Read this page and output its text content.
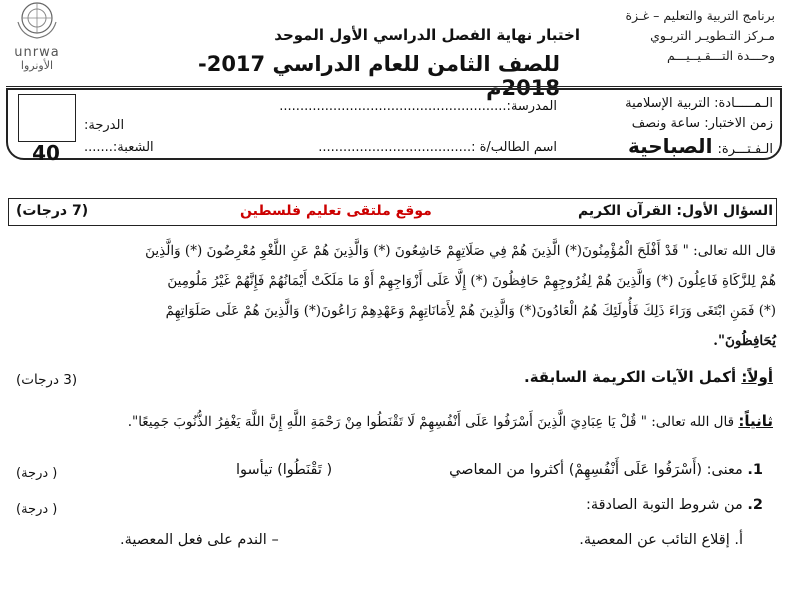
unrwa
الأونروا
اختبار نهاية الفصل الدراسي الأول الموحد
للصف الثامن للعام الدراسي 2017-2018م
برنامج التربية والتعليم – غـزة
مـركز التـطويـر التربـوي
وحـــدة التـــقـيــيـــم
الـمـــــادة: التربية الإسلامية
زمن الاختبار: ساعة ونصف
الـفـتـــرة: الصباحية
المدرسة:.......................................................
اسم الطالب/ة :.....................................
الشعبة:.......
الدرجة:
40
السؤال الأول: القرآن الكريم
موقع ملتقى تعليم فلسطين
(7 درجات)
قال الله تعالى: " قَدْ أَفْلَحَ الْمُؤْمِنُونَ(*) الَّذِينَ هُمْ فِي صَلَاتِهِمْ خَاشِعُونَ (*) وَالَّذِينَ هُمْ عَنِ اللَّغْوِ مُعْرِضُونَ (*) وَالَّذِينَ
هُمْ لِلزَّكَاةِ فَاعِلُونَ (*) وَالَّذِينَ هُمْ لِفُرُوجِهِمْ حَافِظُونَ (*) إِلَّا عَلَى أَزْوَاجِهِمْ أَوْ مَا مَلَكَتْ أَيْمَانُهُمْ فَإِنَّهُمْ غَيْرُ مَلُومِينَ
(*) فَمَنِ ابْتَغَى وَرَاءَ ذَلِكَ فَأُولَئِكَ هُمُ الْعَادُونَ(*) وَالَّذِينَ هُمْ لِأَمَانَاتِهِمْ وَعَهْدِهِمْ رَاعُونَ(*) وَالَّذِينَ هُمْ عَلَى صَلَوَاتِهِمْ
يُحَافِظُونَ".
أولاً: أكمل الآيات الكريمة السابقة.
(3 درجات)
ثانياً: قال الله تعالى: " قُلْ يَا عِبَادِيَ الَّذِينَ أَسْرَفُوا عَلَى أَنْفُسِهِمْ لَا تَقْنَطُوا مِنْ رَحْمَةِ اللَّهِ إِنَّ اللَّهَ يَغْفِرُ الذُّنُوبَ جَمِيعًا".
1. معنى: (أَسْرَفُوا عَلَى أَنْفُسِهِمْ) أكثروا من المعاصي
( تَقْنَطُوا) تيأسوا
( درجة)
2. من شروط التوبة الصادقة:
( درجة)
أ. إقلاع التائب عن المعصية.
– الندم على فعل المعصية.
